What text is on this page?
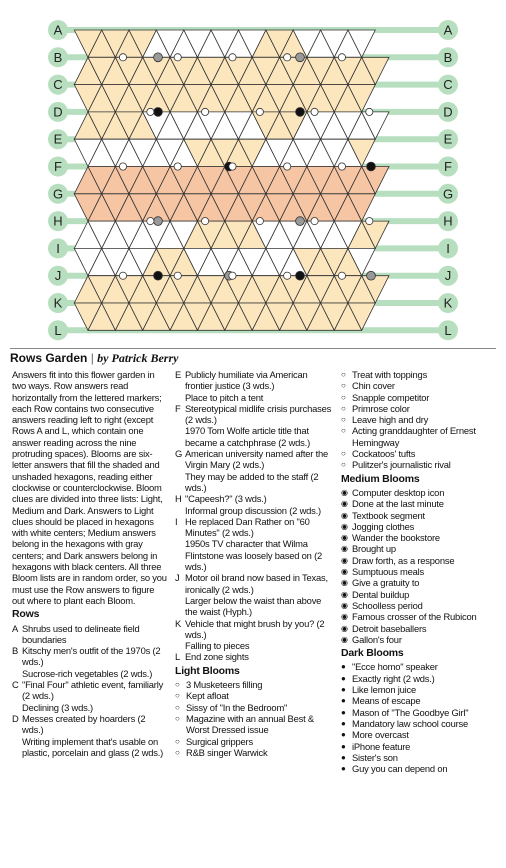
A	A
B	B
C	C
D	D
E	E
F	F
G	G
H	H
I	I
J	J
K	K
L	L
Rows Garden | by Patrick Berry
Answers fit into this flower garden in two ways. Row answers read horizontally from the lettered markers; each Row contains two consecutive answers reading left to right (except Rows A and L, which contain one answer reading across the nine protruding spaces). Blooms are six-letter answers that fill the shaded and unshaded hexagons, reading either clockwise or counterclockwise. Bloom clues are divided into three lists: Light, Medium and Dark. Answers to Light clues should be placed in hexagons with white centers; Medium answers belong in the hexagons with gray centers; and Dark answers belong in hexagons with black centers. All three Bloom lists are in random order, so you must use the Row answers to figure out where to plant each Bloom.
Rows
A Shrubs used to delineate field boundaries
B Kitschy men's outfit of the 1970s (2 wds.)
Sucrose-rich vegetables (2 wds.)
C "Final Four" athletic event, familiarly (2 wds.)
Declining (3 wds.)
D Messes created by hoarders (2 wds.)
Writing implement that's usable on plastic, porcelain and glass (2 wds.)
E Publicly humiliate via American frontier justice (3 wds.)
Place to pitch a tent
F Stereotypical midlife crisis purchases (2 wds.)
1970 Tom Wolfe article title that became a catchphrase (2 wds.)
G American university named after the Virgin Mary (2 wds.)
They may be added to the staff (2 wds.)
H "Capeesh?" (3 wds.)
Informal group discussion (2 wds.)
I He replaced Dan Rather on "60 Minutes" (2 wds.)
1950s TV character that Wilma Flintstone was loosely based on (2 wds.)
J Motor oil brand now based in Texas, ironically (2 wds.)
Larger below the waist than above the waist (Hyph.)
K Vehicle that might brush by you? (2 wds.)
Falling to pieces
L End zone sights
Light Blooms
○ 3 Musketeers filling
○ Kept afloat
○ Sissy of "In the Bedroom"
○ Magazine with an annual Best & Worst Dressed issue
○ Surgical grippers
○ R&B singer Warwick
○ Treat with toppings
○ Chin cover
○ Snapple competitor
○ Primrose color
○ Leave high and dry
○ Acting granddaughter of Ernest Hemingway
○ Cockatoos' tufts
○ Pulitzer's journalistic rival
Medium Blooms
◉ Computer desktop icon
◉ Done at the last minute
◉ Textbook segment
◉ Jogging clothes
◉ Wander the bookstore
◉ Brought up
◉ Draw forth, as a response
◉ Sumptuous meals
◉ Give a gratuity to
◉ Dental buildup
◉ Schoolless period
◉ Famous crosser of the Rubicon
◉ Detroit baseballers
◉ Gallon's four
Dark Blooms
● "Ecce homo" speaker
● Exactly right (2 wds.)
● Like lemon juice
● Means of escape
● Mason of "The Goodbye Girl"
● Mandatory law school course
● More overcast
● iPhone feature
● Sister's son
● Guy you can depend on
